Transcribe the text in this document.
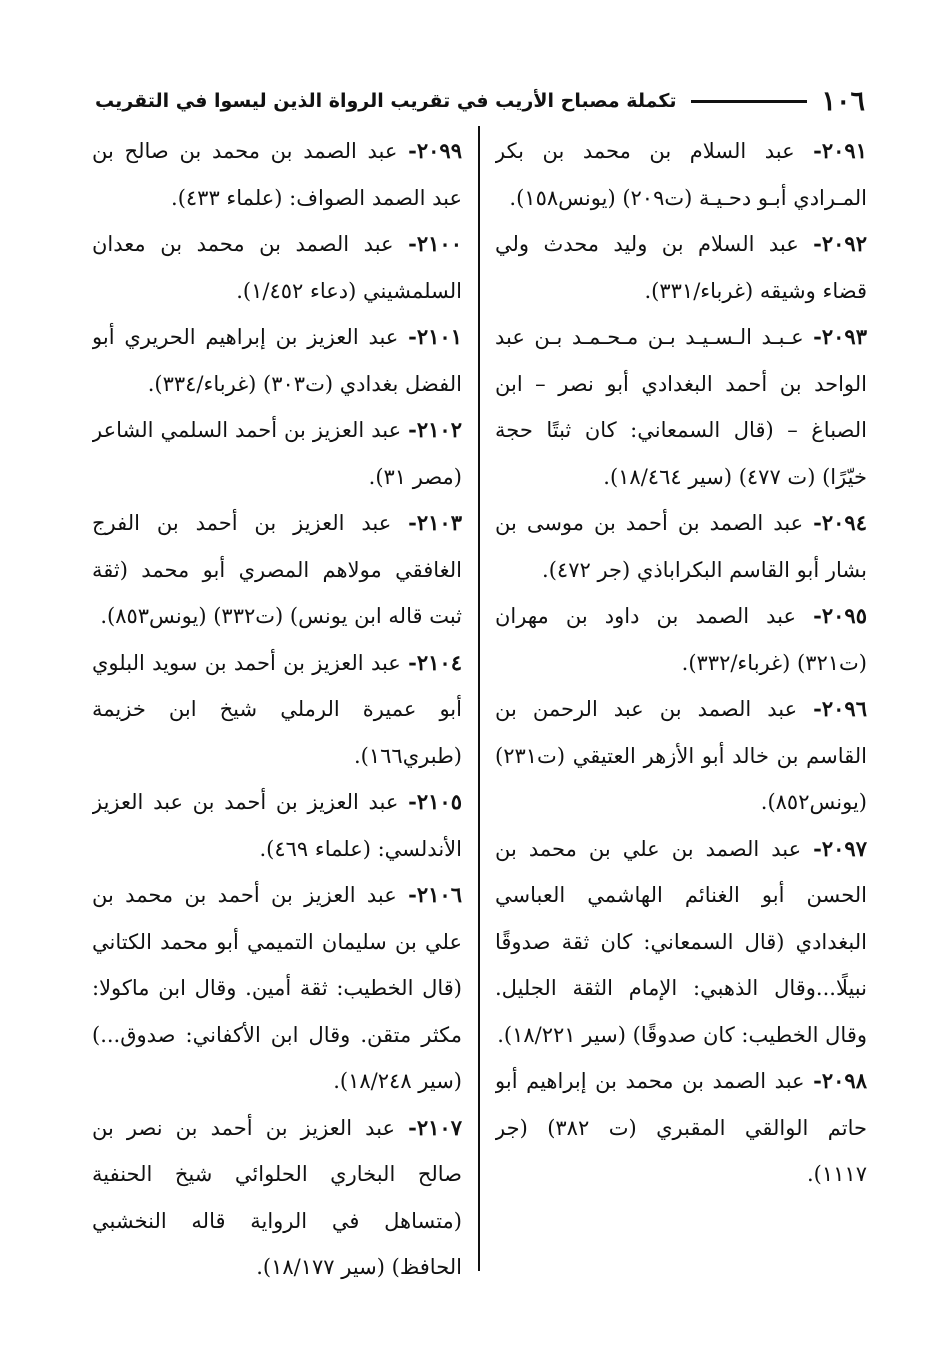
١٠٦
تكملة مصباح الأريب في تقريب الرواة الذين ليسوا في التقريب

٢٠٩١- عبد السلام بن محمد بن بكر المـرادي أبـو دحـيـة (ت٢٠٩) (يونس١٥٨).

٢٠٩٢- عبد السلام بن وليد محدث ولي قضاء وشيقه (غرباء/٣٣١).

٢٠٩٣- عـبـد الـسـيـد بـن مـحـمـد بـن عبد الواحد بن أحمد البغدادي أبو نصر – ابن الصباغ – (قال السمعاني: كان ثبتًا حجة خيّرًا) (ت ٤٧٧) (سير ١٨/٤٦٤).

٢٠٩٤- عبد الصمد بن أحمد بن موسى بن بشار أبو القاسم البكراباذي (جر ٤٧٢).

٢٠٩٥- عبد الصمد بن داود بن مهران (ت٣٢١) (غرباء/٣٣٢).

٢٠٩٦- عبد الصمد بن عبد الرحمن بن القاسم بن خالد أبو الأزهر العتيقي (ت٢٣١) (يونس٨٥٢).

٢٠٩٧- عبد الصمد بن علي بن محمد بن الحسن أبو الغنائم الهاشمي العباسي البغدادي (قال السمعاني: كان ثقة صدوقًا نبيلًا...وقال الذهبي: الإمام الثقة الجليل. وقال الخطيب: كان صدوقًا) (سير ١٨/٢٢١).

٢٠٩٨- عبد الصمد بن محمد بن إبراهيم أبو حاتم الوالقي المقبري (ت ٣٨٢) (جر ١١١٧).

٢٠٩٩- عبد الصمد بن محمد بن صالح بن عبد الصمد الصواف: (علماء ٤٣٣).

٢١٠٠- عبد الصمد بن محمد بن معدان السلمشيني (دعاء ١/٤٥٢).

٢١٠١- عبد العزيز بن إبراهيم الحريري أبو الفضل بغدادي (ت٣٠٣) (غرباء/٣٣٤).

٢١٠٢- عبد العزيز بن أحمد السلمي الشاعر (مصر ٣١).

٢١٠٣- عبد العزيز بن أحمد بن الفرج الغافقي مولاهم المصري أبو محمد (ثقة ثبت قاله ابن يونس) (ت٣٣٢) (يونس٨٥٣).

٢١٠٤- عبد العزيز بن أحمد بن سويد البلوي أبو عميرة الرملي شيخ ابن خزيمة (طبري١٦٦).

٢١٠٥- عبد العزيز بن أحمد بن عبد العزيز الأندلسي: (علماء ٤٦٩).

٢١٠٦- عبد العزيز بن أحمد بن محمد بن علي بن سليمان التميمي أبو محمد الكتاني (قال الخطيب: ثقة أمين. وقال ابن ماكولا: مكثر متقن. وقال ابن الأكفاني: صدوق...) (سير ١٨/٢٤٨).

٢١٠٧- عبد العزيز بن أحمد بن نصر بن صالح البخاري الحلوائي شيخ الحنفية (متساهل في الرواية قاله النخشبي الحافظ) (سير ١٨/١٧٧).
